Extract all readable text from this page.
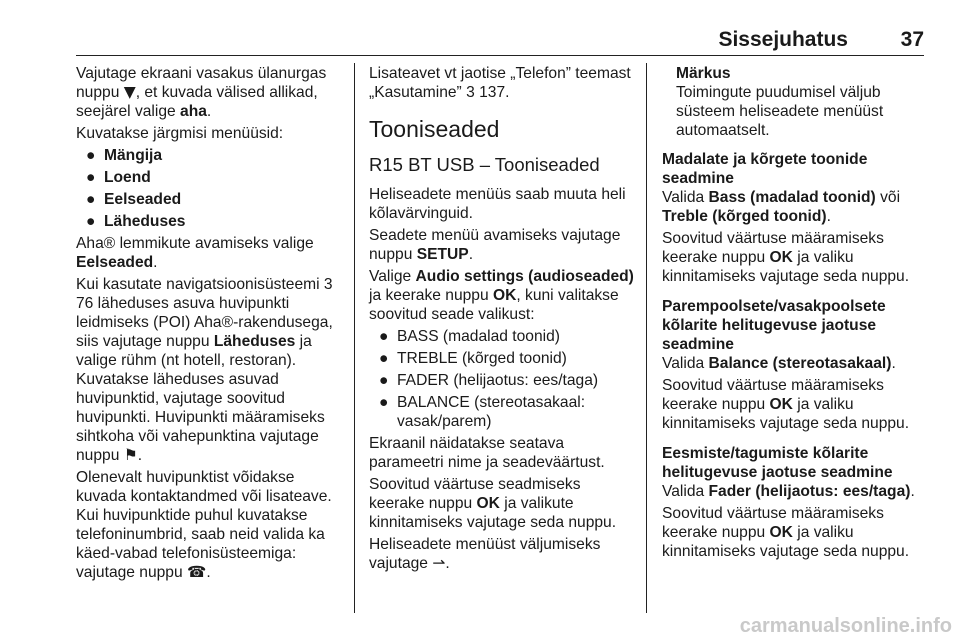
Sissejuhatus	37

Vajutage ekraani vasakus ülanurgas nuppu ▼, et kuvada välised allikad, seejärel valige aha.

Kuvatakse järgmisi menüüsid:

● Mängija
● Loend
● Eelseaded
● Läheduses

Aha® lemmikute avamiseks valige Eelseaded.

Kui kasutate navigatsioonisüsteemi 3 76 läheduses asuva huvipunkti leidmiseks (POI) Aha®-rakendusega, siis vajutage nuppu Läheduses ja valige rühm (nt hotell, restoran). Kuvatakse läheduses asuvad huvipunktid, vajutage soovitud huvipunkti. Huvipunkti määramiseks sihtkoha või vahepunktina vajutage nuppu ⚑.

Olenevalt huvipunktist võidakse kuvada kontaktandmed või lisateave. Kui huvipunktide puhul kuvatakse telefoninumbrid, saab neid valida ka käed-vabad telefonisüsteemiga: vajutage nuppu ☎.

Lisateavet vt jaotise „Telefon” teemast „Kasutamine” 3 137.

Tooniseaded
R15 BT USB – Tooniseaded

Heliseadete menüüs saab muuta heli kõlavärvinguid.

Seadete menüü avamiseks vajutage nuppu SETUP.

Valige Audio settings (audioseaded) ja keerake nuppu OK, kuni valitakse soovitud seade valikust:

● BASS (madalad toonid)
● TREBLE (kõrged toonid)
● FADER (helijaotus: ees/taga)
● BALANCE (stereotasakaal: vasak/parem)

Ekraanil näidatakse seatava parameetri nime ja seadeväärtust.

Soovitud väärtuse seadmiseks keerake nuppu OK ja valikute kinnitamiseks vajutage seda nuppu.

Heliseadete menüüst väljumiseks vajutage ⇀.

Märkus
Toimingute puudumisel väljub süsteem heliseadete menüüst automaatselt.

Madalate ja kõrgete toonide seadmine

Valida Bass (madalad toonid) või Treble (kõrged toonid).

Soovitud väärtuse määramiseks keerake nuppu OK ja valiku kinnitamiseks vajutage seda nuppu.

Parempoolsete/vasakpoolsete kõlarite helitugevuse jaotuse seadmine

Valida Balance (stereotasakaal).

Soovitud väärtuse määramiseks keerake nuppu OK ja valiku kinnitamiseks vajutage seda nuppu.

Eesmiste/tagumiste kõlarite helitugevuse jaotuse seadmine

Valida Fader (helijaotus: ees/taga).

Soovitud väärtuse määramiseks keerake nuppu OK ja valiku kinnitamiseks vajutage seda nuppu.

carmanualsonline.info
